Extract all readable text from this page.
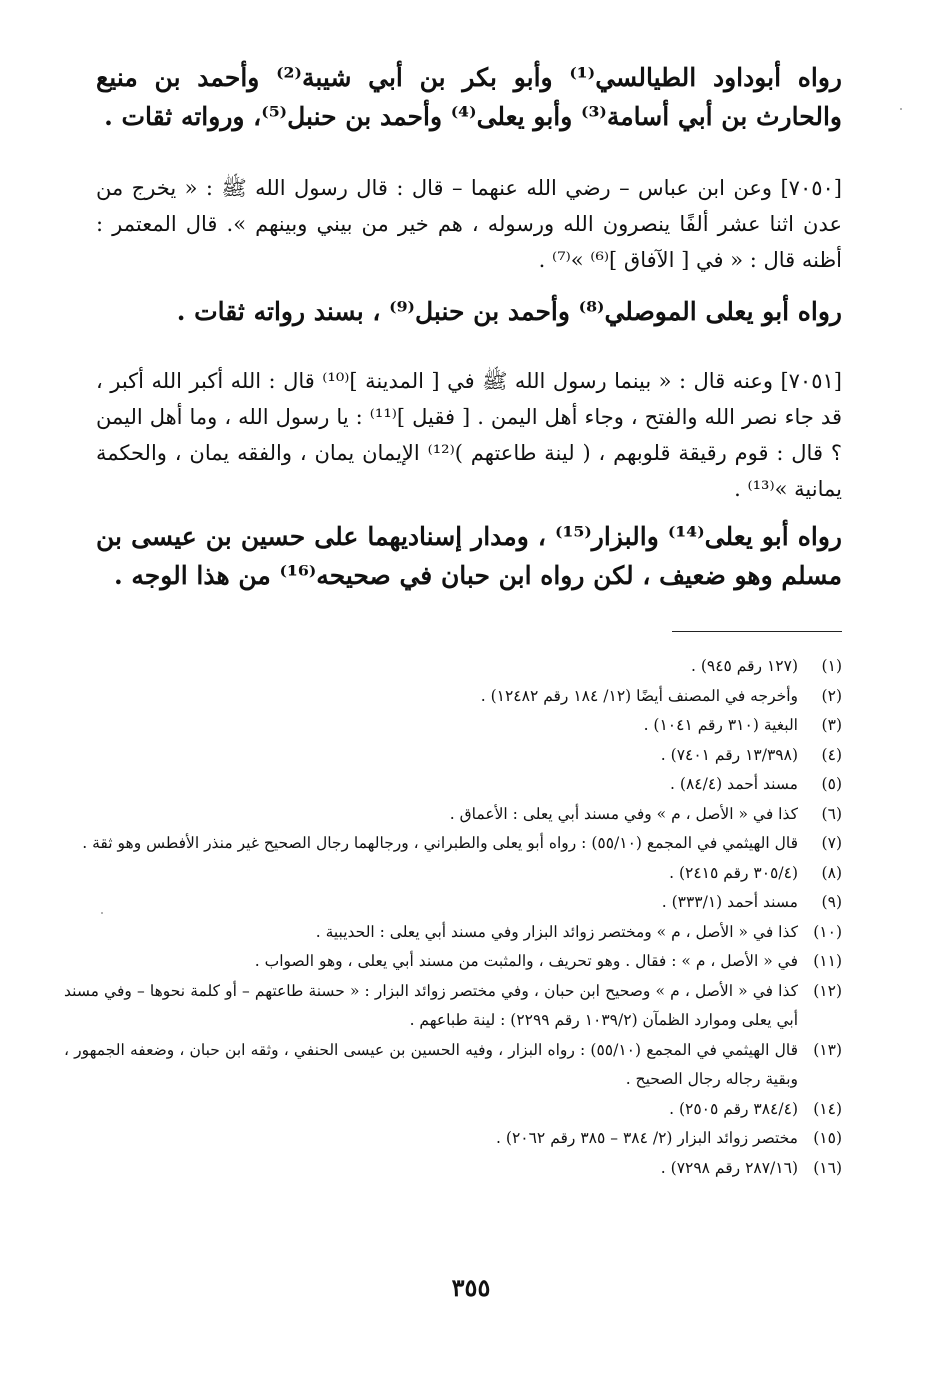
رواه أبوداود الطيالسي⁽¹⁾ وأبو بكر بن أبي شيبة⁽²⁾ وأحمد بن منيع والحارث بن أبي أسامة⁽³⁾ وأبو يعلى⁽⁴⁾ وأحمد بن حنبل⁽⁵⁾، ورواته ثقات .

[٧٠٥٠] وعن ابن عباس – رضي الله عنهما – قال : قال رسول الله ﷺ : « يخرج من عدن اثنا عشر ألفًا ينصرون الله ورسوله ، هم خير من بيني وبينهم ». قال المعتمر : أظنه قال : « في [ الآفاق ]⁽⁶⁾ »⁽⁷⁾ .

رواه أبو يعلى الموصلي⁽⁸⁾ وأحمد بن حنبل⁽⁹⁾ ، بسند رواته ثقات .

[٧٠٥١] وعنه قال : « بينما رسول الله ﷺ في [ المدينة ]⁽¹⁰⁾ قال : الله أكبر الله أكبر ، قد جاء نصر الله والفتح ، وجاء أهل اليمن . [ فقيل ]⁽¹¹⁾ : يا رسول الله ، وما أهل اليمن ؟ قال : قوم رقيقة قلوبهم ، ( لينة طاعتهم )⁽¹²⁾ الإيمان يمان ، والفقه يمان ، والحكمة يمانية »⁽¹³⁾ .

رواه أبو يعلى⁽¹⁴⁾ والبزار⁽¹⁵⁾ ، ومدار إسناديهما على حسين بن عيسى بن مسلم وهو ضعيف ، لكن رواه ابن حبان في صحيحه⁽¹⁶⁾ من هذا الوجه .

(١)
(١٢٧ رقم ٩٤٥) .
(٢)
وأخرجه في المصنف أيضًا (١٢/ ١٨٤ رقم ١٢٤٨٢) .
(٣)
البغية (٣١٠ رقم ١٠٤١) .
(٤)
(١٣/٣٩٨ رقم ٧٤٠١) .
(٥)
مسند أحمد (٨٤/٤) .
(٦)
كذا في « الأصل ، م » وفي مسند أبي يعلى : الأعماق .
(٧)
قال الهيثمي في المجمع (٥٥/١٠) : رواه أبو يعلى والطبراني ، ورجالهما رجال الصحيح غير منذر الأفطس وهو ثقة .
(٨)
(٣٠٥/٤ رقم ٢٤١٥) .
(٩)
مسند أحمد (٣٣٣/١) .
(١٠)
كذا في « الأصل ، م » ومختصر زوائد البزار وفي مسند أبي يعلى : الحديبية .
(١١)
في « الأصل ، م » : فقال . وهو تحريف ، والمثبت من مسند أبي يعلى ، وهو الصواب .
(١٢)
كذا في « الأصل ، م » وصحيح ابن حبان ، وفي مختصر زوائد البزار : « حسنة طاعتهم – أو كلمة نحوها – وفي مسند أبي يعلى وموارد الظمآن (١٠٣٩/٢ رقم ٢٢٩٩) : لينة طباعهم .
(١٣)
قال الهيثمي في المجمع (٥٥/١٠) : رواه البزار ، وفيه الحسين بن عيسى الحنفي ، وثقه ابن حبان ، وضعفه الجمهور ، وبقية رجاله رجال الصحيح .
(١٤)
(٣٨٤/٤ رقم ٢٥٠٥) .
(١٥)
مختصر زوائد البزار (٢/ ٣٨٤ – ٣٨٥ رقم ٢٠٦٢) .
(١٦)
(٢٨٧/١٦ رقم ٧٢٩٨) .
٣٥٥
